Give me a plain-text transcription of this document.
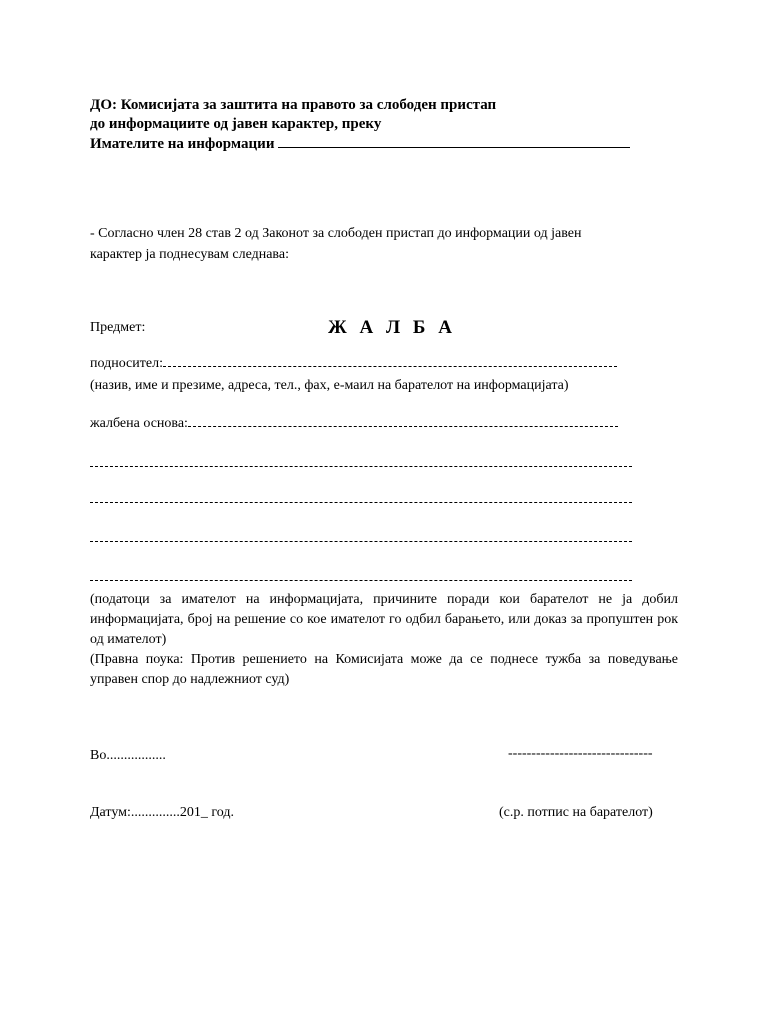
ДО: Комисијата за заштита на правото за слободен пристап
до информациите од јавен карактер, преку
Имателите на информации
- Согласно член 28 став 2 од Законот за слободен пристап до информации од јавен
карактер ја поднесувам следнава:
Предмет:	Ж А Л Б А
подносител:
(назив, име и презиме, адреса, тел., фах, е-маил на барателот на информацијата)
жалбена основа:
(податоци за имателот на информацијата, причините поради кои барателот не ја добил информацијата, број на решение со кое имателот го одбил барањето, или доказ за пропуштен рок од имателот)
(Правна поука: Против решението на Комисијата може да се поднесе тужба за поведување управен спор до надлежниот суд)
Во.................	-------------------------------
Датум:..............201_ год.	(с.р. потпис на барателот)
